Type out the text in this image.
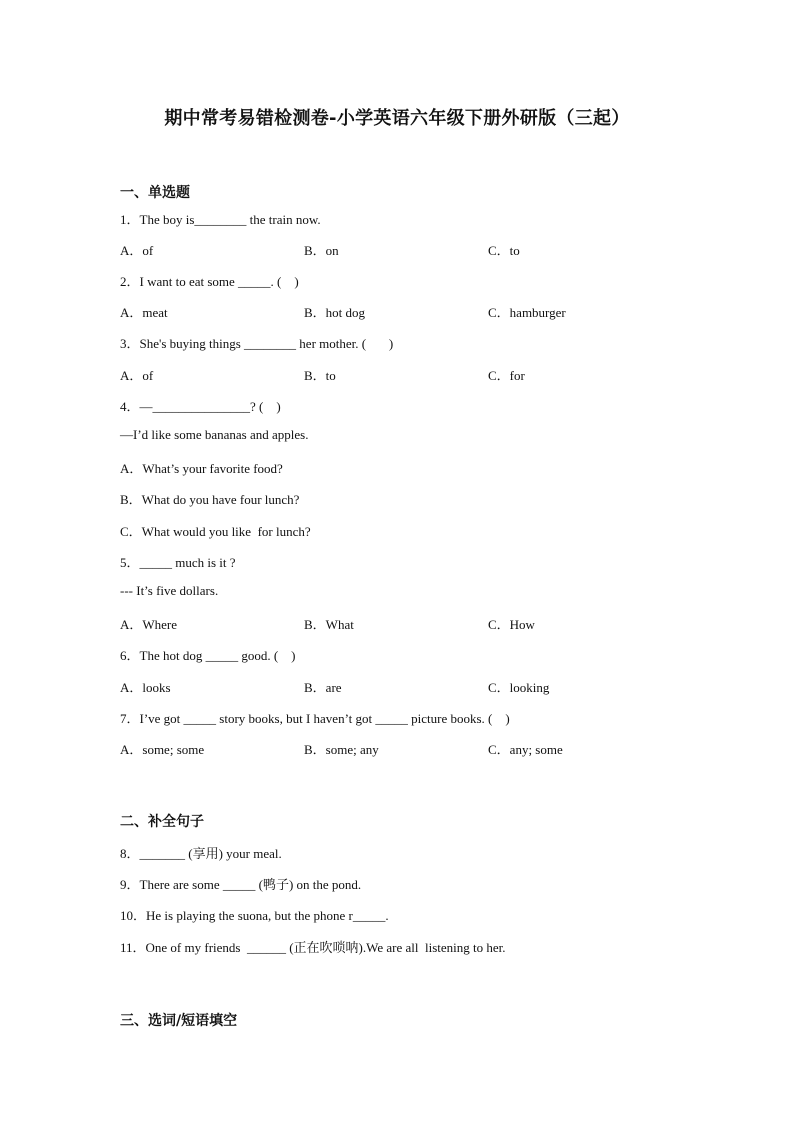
期中常考易错检测卷-小学英语六年级下册外研版（三起）
一、单选题
1．The boy is________ the train now.
A．of	B．on	C．to
2．I want to eat some _____. (    )
A．meat	B．hot dog	C．hamburger
3．She's buying things ________ her mother. (       )
A．of	B．to	C．for
4．—_______________? (    )
—I’d like some bananas and apples.
A．What’s your favorite food?
B．What do you have four lunch?
C．What would you like  for lunch?
5．_____ much is it ?
--- It’s five dollars.
A．Where	B．What	C．How
6．The hot dog _____ good. (    )
A．looks	B．are	C．looking
7．I’ve got _____ story books, but I haven’t got _____ picture books. (    )
A．some; some	B．some; any	C．any; some
二、补全句子
8．_______ (享用) your meal.
9．There are some _____ (鸭子) on the pond.
10．He is playing the suona, but the phone r_____.
11．One of my friends  ______ (正在吹唢呐).We are all  listening to her.
三、选词/短语填空
